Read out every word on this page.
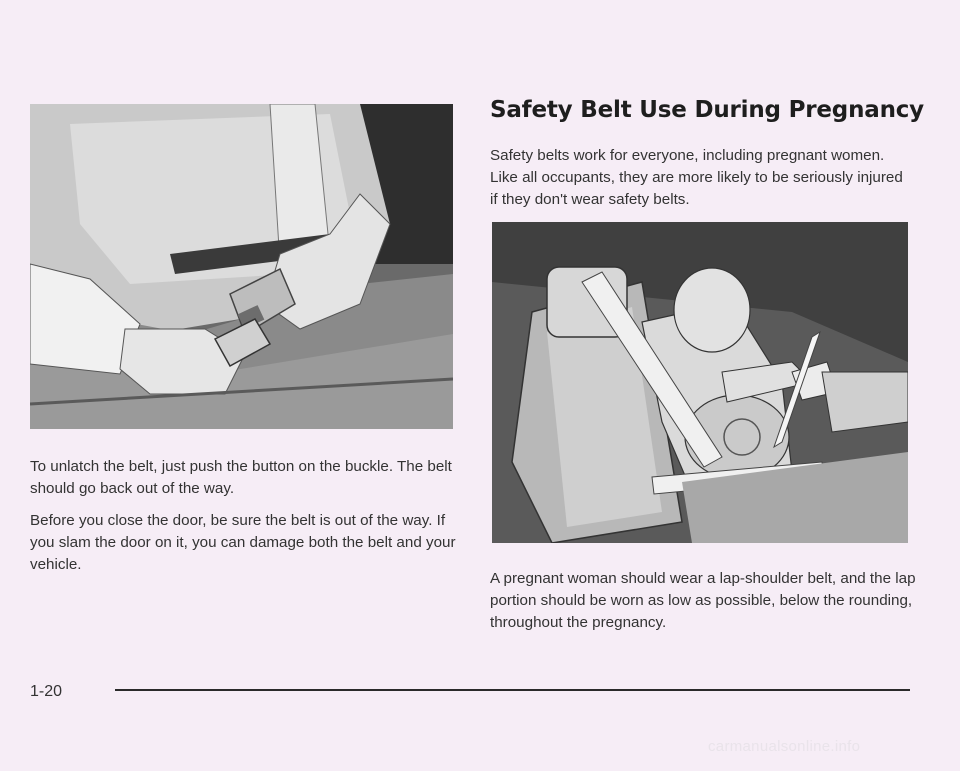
To unlatch the belt, just push the button on the buckle. The belt should go back out of the way.

Before you close the door, be sure the belt is out of the way. If you slam the door on it, you can damage both the belt and your vehicle.

Safety Belt Use During Pregnancy

Safety belts work for everyone, including pregnant women. Like all occupants, they are more likely to be seriously injured if they don't wear safety belts.

A pregnant woman should wear a lap-shoulder belt, and the lap portion should be worn as low as possible, below the rounding, throughout the pregnancy.

1-20
carmanualsonline.info
